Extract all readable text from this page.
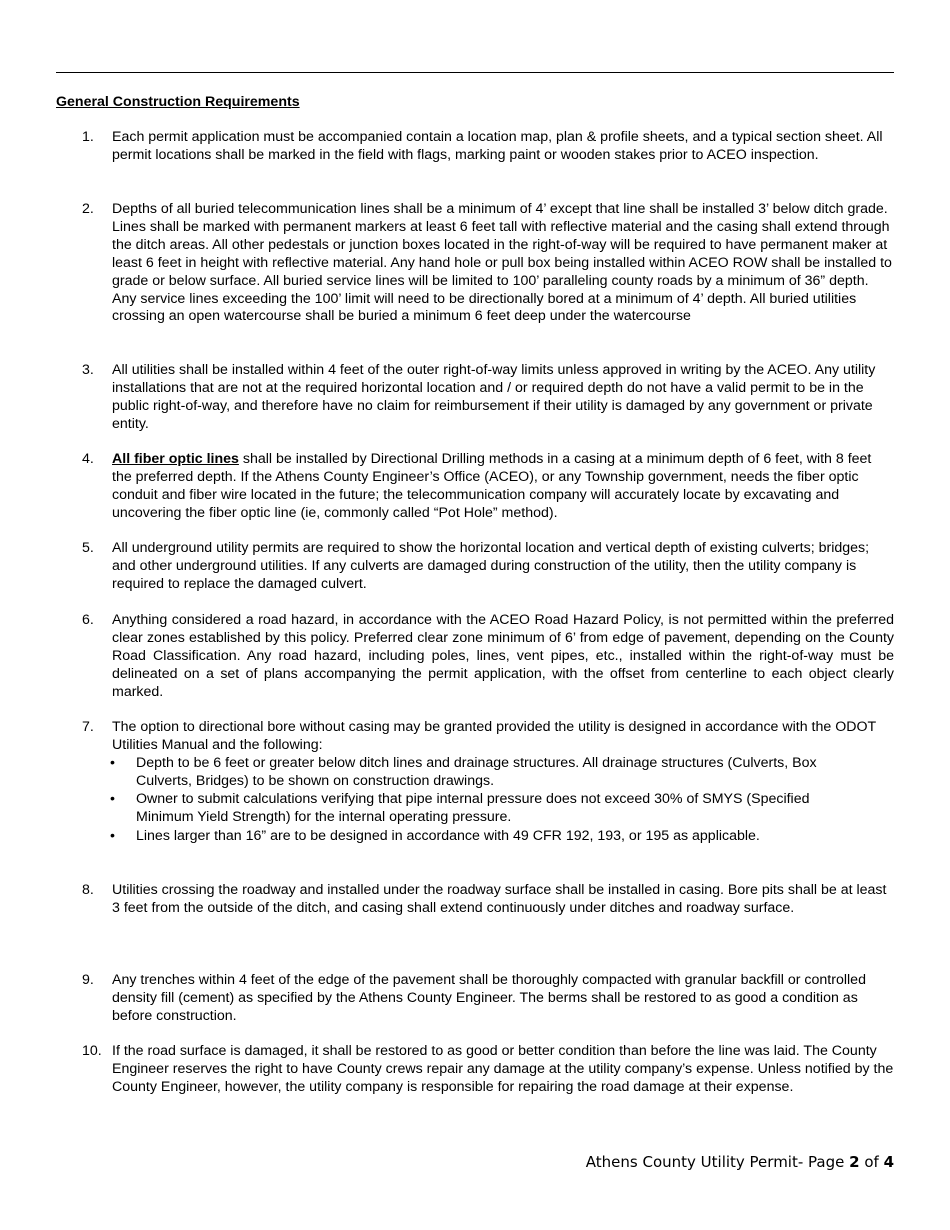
General Construction Requirements
1.	Each permit application must be accompanied contain a location map, plan & profile sheets, and a typical section sheet. All permit locations shall be marked in the field with flags, marking paint or wooden stakes prior to ACEO inspection.
2.	Depths of all buried telecommunication lines shall be a minimum of 4’ except that line shall be installed 3’ below ditch grade. Lines shall be marked with permanent markers at least 6 feet tall with reflective material and the casing shall extend through the ditch areas. All other pedestals or junction boxes located in the right-of-way will be required to have permanent maker at least 6 feet in height with reflective material. Any hand hole or pull box being installed within ACEO ROW shall be installed to grade or below surface. All buried service lines will be limited to 100’ paralleling county roads by a minimum of 36” depth. Any service lines exceeding the 100’ limit will need to be directionally bored at a minimum of 4’ depth. All buried utilities crossing an open watercourse shall be buried a minimum 6 feet deep under the watercourse
3.	All utilities shall be installed within 4 feet of the outer right-of-way limits unless approved in writing by the ACEO. Any utility installations that are not at the required horizontal location and / or required depth do not have a valid permit to be in the public right-of-way, and therefore have no claim for reimbursement if their utility is damaged by any government or private entity.
4.	All fiber optic lines shall be installed by Directional Drilling methods in a casing at a minimum depth of 6 feet, with 8 feet the preferred depth. If the Athens County Engineer’s Office (ACEO), or any Township government, needs the fiber optic conduit and fiber wire located in the future; the telecommunication company will accurately locate by excavating and uncovering the fiber optic line (ie, commonly called “Pot Hole” method).
5.	All underground utility permits are required to show the horizontal location and vertical depth of existing culverts; bridges; and other underground utilities. If any culverts are damaged during construction of the utility, then the utility company is required to replace the damaged culvert.
6.	Anything considered a road hazard, in accordance with the ACEO Road Hazard Policy, is not permitted within the preferred clear zones established by this policy. Preferred clear zone minimum of 6’ from edge of pavement, depending on the County Road Classification. Any road hazard, including poles, lines, vent pipes, etc., installed within the right-of-way must be delineated on a set of plans accompanying the permit application, with the offset from centerline to each object clearly marked.
7.	The option to directional bore without casing may be granted provided the utility is designed in accordance with the ODOT Utilities Manual and the following:
• Depth to be 6 feet or greater below ditch lines and drainage structures. All drainage structures (Culverts, Box Culverts, Bridges) to be shown on construction drawings.
• Owner to submit calculations verifying that pipe internal pressure does not exceed 30% of SMYS (Specified Minimum Yield Strength) for the internal operating pressure.
• Lines larger than 16” are to be designed in accordance with 49 CFR 192, 193, or 195 as applicable.
8.	Utilities crossing the roadway and installed under the roadway surface shall be installed in casing. Bore pits shall be at least 3 feet from the outside of the ditch, and casing shall extend continuously under ditches and roadway surface.
9.	Any trenches within 4 feet of the edge of the pavement shall be thoroughly compacted with granular backfill or controlled density fill (cement) as specified by the Athens County Engineer. The berms shall be restored to as good a condition as before construction.
10. If the road surface is damaged, it shall be restored to as good or better condition than before the line was laid. The County Engineer reserves the right to have County crews repair any damage at the utility company’s expense. Unless notified by the County Engineer, however, the utility company is responsible for repairing the road damage at their expense.
Athens County Utility Permit- Page 2 of 4
